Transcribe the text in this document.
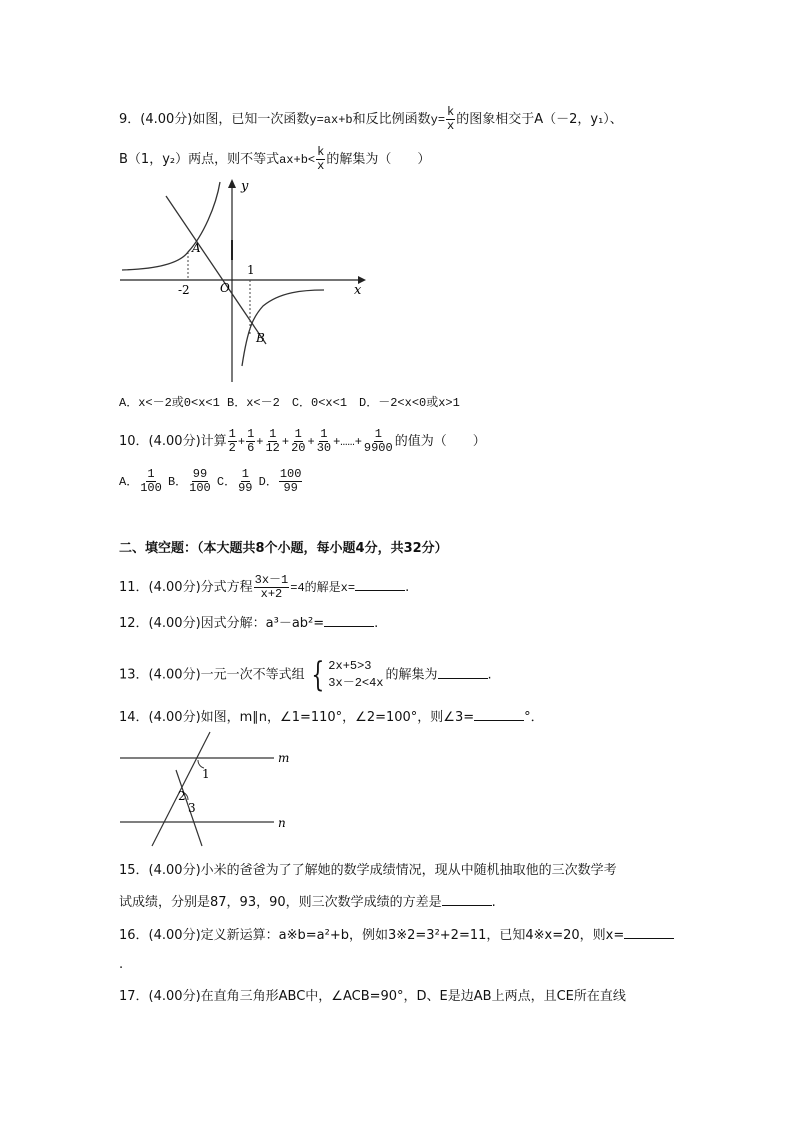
9．(4.00分)如图，已知一次函数y=ax+b和反比例函数$y= \frac{k}{x}$ 的图象相交于A（－2，y₁）、
B（1，y₂）两点，则不等式$ax+b< \frac{k}{x}$ 的解集为（　　）
y
x
O
-2
1
A
B
A．x<－2或0<x<1 B．x<－2　C．0<x<1　D．－2<x<0或x>1
10．(4.00分)计算 $\frac{1}{2} + \frac{1}{6} + \frac{1}{12} + \frac{1}{20} + \frac{1}{30}$ +……+ $\frac{1}{9900}$ 的值为（　　）
A． $\frac{1}{100}$ B． $\frac{99}{100}$ C． $\frac{1}{99}$ D． $\frac{100}{99}$
二、填空题：（本大题共8个小题，每小题4分，共32分）
11．(4.00分)分式方程 $\frac{3x-1}{x+2} =4$的解是x=	.
12．(4.00分)因式分解：a³－ab²=	.
13．(4.00分)一元一次不等式组 { 2x+5>3
3x－2<4x
的解集为	.
14．(4.00分)如图，m∥n，∠1=110°，∠2=100°，则∠3=	°．
m
n
1
2
3
15．(4.00分)小米的爸爸为了了解她的数学成绩情况，现从中随机抽取他的三次数学考
试成绩，分别是87，93，90，则三次数学成绩的方差是	.
16．(4.00分)定义新运算：a※b=a²+b，例如3※2=3²+2=11，已知4※x=20，则x=
.
17．(4.00分)在直角三角形ABC中，∠ACB=90°，D、E是边AB上两点，且CE所在直线
